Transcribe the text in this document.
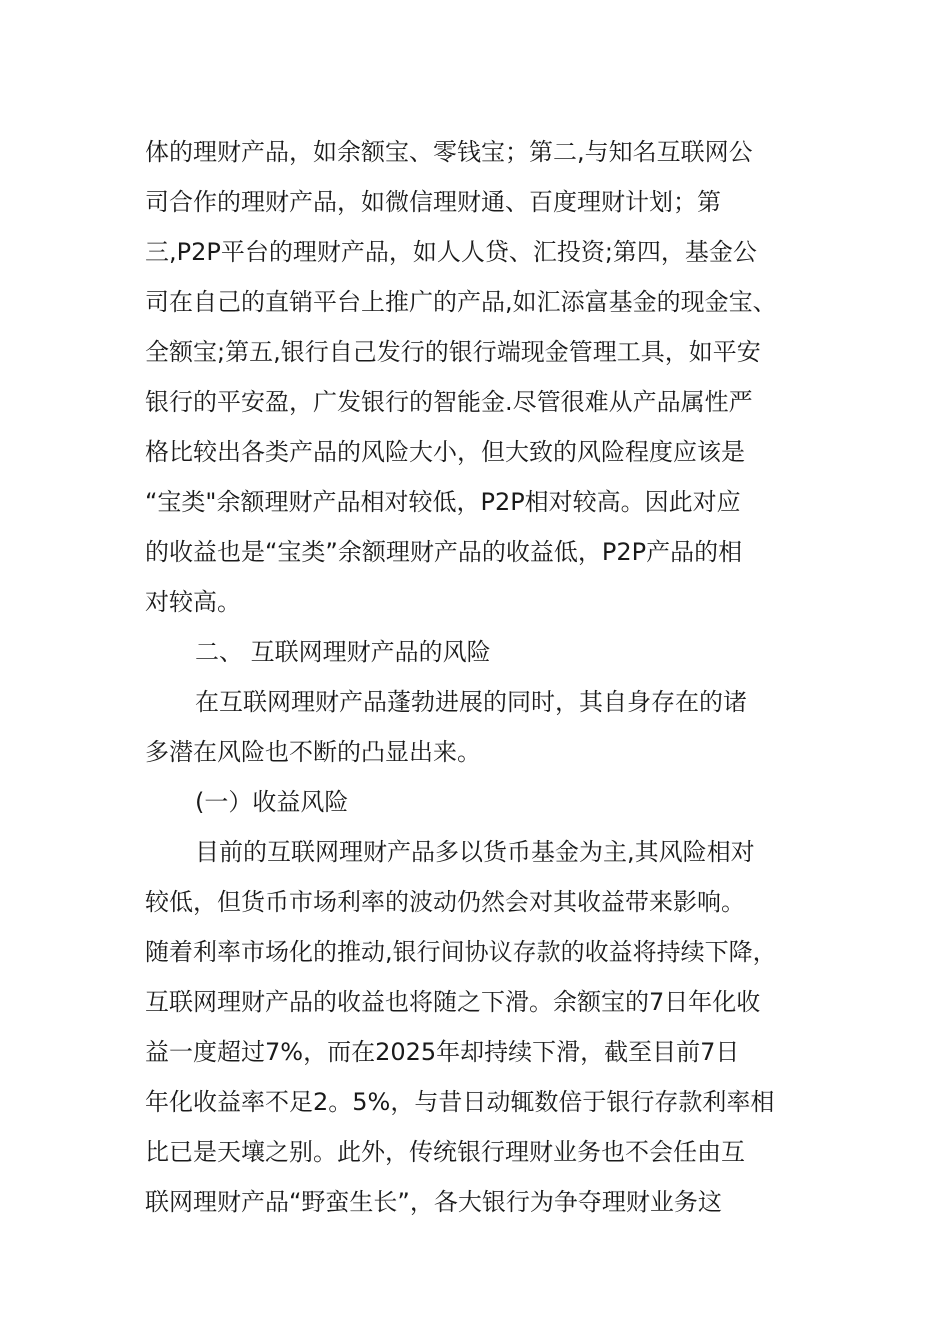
体的理财产品，如余额宝、零钱宝；第二,与知名互联网公
司合作的理财产品，如微信理财通、百度理财计划；第
三,P2P平台的理财产品，如人人贷、汇投资;第四，基金公
司在自己的直销平台上推广的产品,如汇添富基金的现金宝、
全额宝;第五,银行自己发行的银行端现金管理工具，如平安
银行的平安盈，广发银行的智能金.尽管很难从产品属性严
格比较出各类产品的风险大小，但大致的风险程度应该是
“宝类"余额理财产品相对较低，P2P相对较高。因此对应
的收益也是“宝类”余额理财产品的收益低，P2P产品的相
对较高。
二、 互联网理财产品的风险
在互联网理财产品蓬勃进展的同时，其自身存在的诸
多潜在风险也不断的凸显出来。
(一）收益风险
目前的互联网理财产品多以货币基金为主,其风险相对
较低，但货币市场利率的波动仍然会对其收益带来影响。
随着利率市场化的推动,银行间协议存款的收益将持续下降，
互联网理财产品的收益也将随之下滑。余额宝的7日年化收
益一度超过7%，而在2025年却持续下滑，截至目前7日
年化收益率不足2。5%，与昔日动辄数倍于银行存款利率相
比已是天壤之别。此外，传统银行理财业务也不会任由互
联网理财产品“野蛮生长”，各大银行为争夺理财业务这
